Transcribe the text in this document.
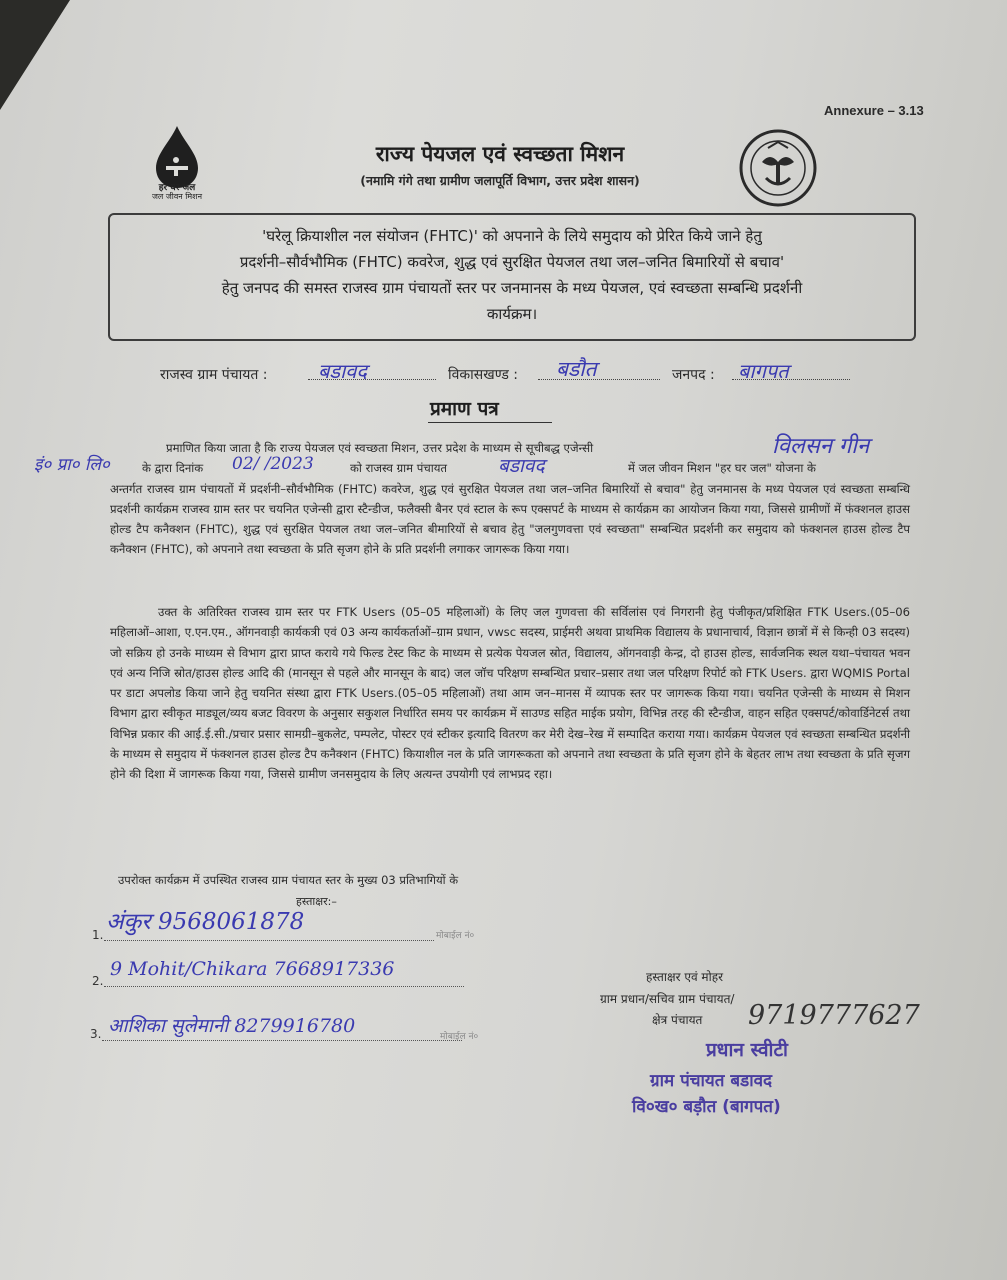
Annexure – 3.13
हर घर जल
जल जीवन मिशन
राज्य पेयजल एवं स्वच्छता मिशन
(नमामि गंगे तथा ग्रामीण जलापूर्ति विभाग, उत्तर प्रदेश शासन)
'घरेलू क्रियाशील नल संयोजन (FHTC)' को अपनाने के लिये समुदाय को प्रेरित किये जाने हेतु
प्रदर्शनी–सौर्वभौमिक (FHTC) कवरेज, शुद्ध एवं सुरक्षित पेयजल तथा जल–जनित बिमारियों से बचाव'
हेतु जनपद की समस्त राजस्व ग्राम पंचायतों स्तर पर जनमानस के मध्य पेयजल, एवं स्वच्छता सम्बन्धि प्रदर्शनी
कार्यक्रम।
राजस्व ग्राम पंचायत :	बडावद	विकासखण्ड : बडौत	जनपद : बागपत
प्रमाण पत्र
विलसन गीन
इं० प्रा० लि०	02/ /2023	बडावद
प्रमाणित किया जाता है कि राज्य पेयजल एवं स्वच्छता मिशन, उत्तर प्रदेश के माध्यम से सूचीबद्ध एजेन्सी
के द्वारा दिनांक	को राजस्व ग्राम पंचायत	में जल जीवन मिशन "हर घर जल" योजना के
अन्तर्गत राजस्व ग्राम पंचायतों में प्रदर्शनी–सौर्वभौमिक (FHTC) कवरेज, शुद्ध एवं सुरक्षित पेयजल तथा जल–जनित बिमारियों से बचाव" हेतु जनमानस के मध्य पेयजल एवं स्वच्छता सम्बन्धि प्रदर्शनी कार्यक्रम राजस्व ग्राम स्तर पर चयनित एजेन्सी द्वारा स्टैन्डीज, फलैक्सी बैनर एवं स्टाल के रूप एक्सपर्ट के माध्यम से कार्यक्रम का आयोजन किया गया, जिससे ग्रामीणों में फंक्शनल हाउस होल्ड टैप कनैक्शन (FHTC), शुद्ध एवं सुरक्षित पेयजल तथा जल–जनित बीमारियों से बचाव हेतु "जलगुणवत्ता एवं स्वच्छता" सम्बन्धित प्रदर्शनी कर समुदाय को फंक्शनल हाउस होल्ड टैप कनैक्शन (FHTC), को अपनाने तथा स्वच्छता के प्रति सृजग होने के प्रति प्रदर्शनी लगाकर जागरूक किया गया।
उक्त के अतिरिक्त राजस्व ग्राम स्तर पर FTK Users (05–05 महिलाओं) के लिए जल गुणवत्ता की सर्विलांस एवं निगरानी हेतु पंजीकृत/प्रशिक्षित FTK Users.(05–06 महिलाओं–आशा, ए.एन.एम., ऑगनवाड़ी कार्यकत्री एवं 03 अन्य कार्यकर्ताओं–ग्राम प्रधान, vwsc सदस्य, प्राईमरी अथवा प्राथमिक विद्यालय के प्रधानाचार्य, विज्ञान छात्रों में से किन्ही 03 सदस्य) जो सक्रिय हो उनके माध्यम से विभाग द्वारा प्राप्त कराये गये फिल्ड टेस्ट किट के माध्यम से प्रत्येक पेयजल स्रोत, विद्यालय, ऑगनवाड़ी केन्द्र, दो हाउस होल्ड, सार्वजनिक स्थल यथा–पंचायत भवन एवं अन्य निजि स्रोत/हाउस होल्ड आदि की (मानसून से पहले और मानसून के बाद) जल जॉच परिक्षण सम्बन्धित प्रचार–प्रसार तथा जल परिक्षण रिपोर्ट को FTK Users. द्वारा WQMIS Portal पर डाटा अपलोड किया जाने हेतु चयनित संस्था द्वारा FTK Users.(05–05 महिलाओं) तथा आम जन–मानस में व्यापक स्तर पर जागरूक किया गया। चयनित एजेन्सी के माध्यम से मिशन विभाग द्वारा स्वीकृत माड्यूल/व्यय बजट विवरण के अनुसार सकुशल निर्धारित समय पर कार्यक्रम में साउण्ड सहित माईक प्रयोग, विभिन्न तरह की स्टैन्डीज, वाहन सहित एक्सपर्ट/कोवार्डिनेटर्स तथा विभिन्न प्रकार की आई.ई.सी./प्रचार प्रसार सामग्री–बुकलेट, पम्पलेट, पोस्टर एवं स्टीकर इत्यादि वितरण कर मेरी देख–रेख में सम्पादित कराया गया। कार्यक्रम पेयजल एवं स्वच्छता सम्बन्धित प्रदर्शनी के माध्यम से समुदाय में फंक्शनल हाउस होल्ड टैप कनैक्शन (FHTC) कियाशील नल के प्रति जागरूकता को अपनाने तथा स्वच्छता के प्रति सृजग होने के बेहतर लाभ तथा स्वच्छता के प्रति सृजग होने की दिशा में जागरूक किया गया, जिससे ग्रामीण जनसमुदाय के लिए अत्यन्त उपयोगी एवं लाभप्रद रहा।
उपरोक्त कार्यक्रम में उपस्थित राजस्व ग्राम पंचायत स्तर के मुख्य 03 प्रतिभागियों के
हस्ताक्षर:–
1. अंकुर 9568061878
मोबाईल नं०
2.
9 Mohit/Chikara 7668917336
3. आशिका सुलेमानी 8279916780	मोबाईल नं०
हस्ताक्षर एवं मोहर
ग्राम प्रधान/सचिव ग्राम पंचायत/
क्षेत्र पंचायत 9719777627
प्रधान स्वीटी
ग्राम पंचायत बडावद
वि०ख० बड़ौत (बागपत)
